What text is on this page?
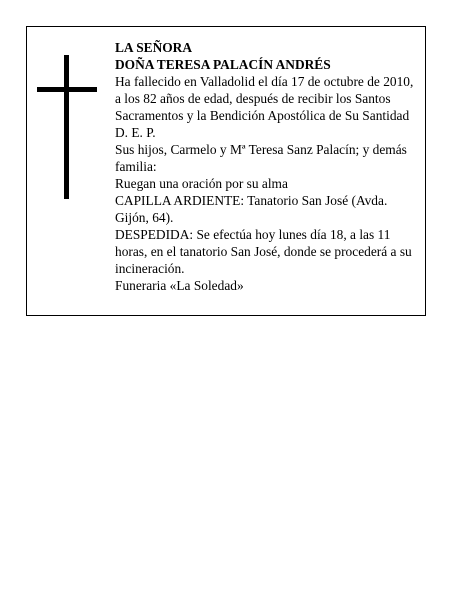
LA SEÑORA

DOÑA TERESA PALACÍN ANDRÉS

Ha fallecido en Valladolid el día 17 de octubre de 2010, a los 82 años de edad, después de recibir los Santos Sacramentos y la Bendición Apostólica de Su Santidad D. E. P.

Sus hijos, Carmelo y Mª Teresa Sanz Palacín; y demás familia:

Ruegan una oración por su alma

CAPILLA ARDIENTE: Tanatorio San José (Avda. Gijón, 64).

DESPEDIDA: Se efectúa hoy lunes día 18, a las 11 horas, en el tanatorio San José, donde se procederá a su incineración.

Funeraria «La Soledad»
